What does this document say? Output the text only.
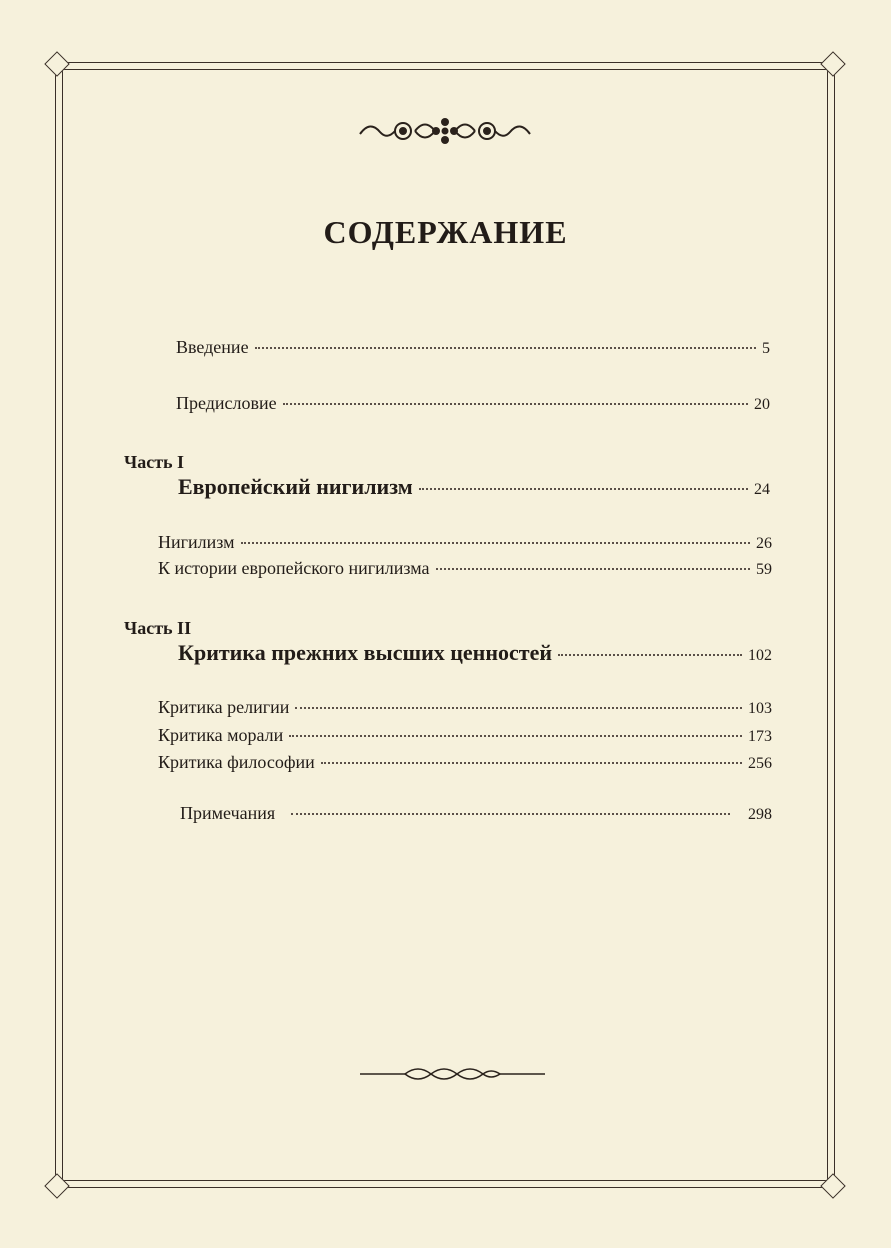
СОДЕРЖАНИЕ
Введение	5
Предисловие	20
Часть I
Европейский нигилизм	24
Нигилизм	26
К истории европейского нигилизма	59
Часть II
Критика прежних высших ценностей	102
Критика религии	103
Критика морали	173
Критика философии	256
Примечания	298
